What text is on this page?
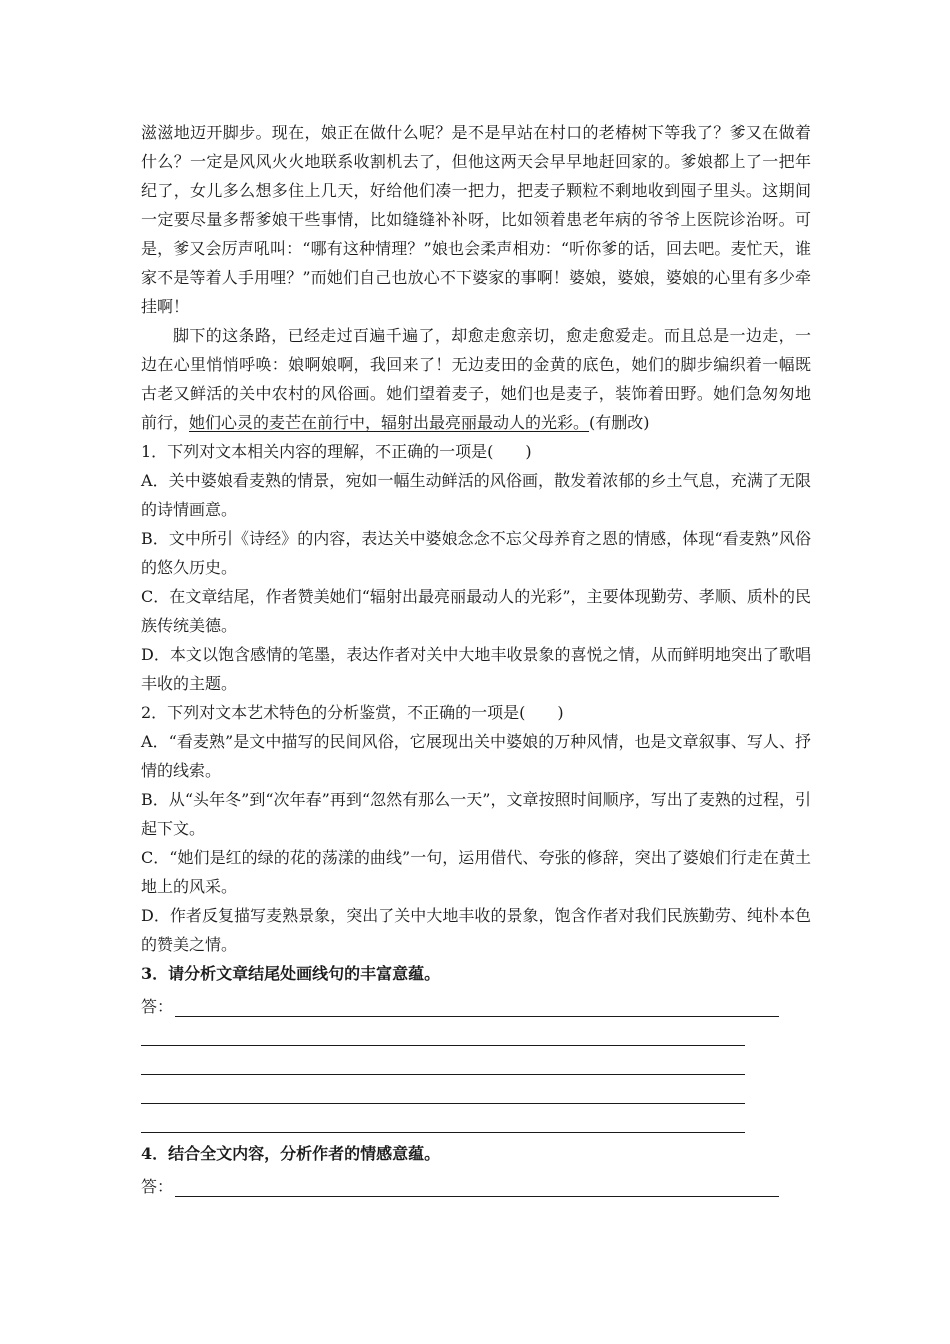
滋滋地迈开脚步。现在，娘正在做什么呢？是不是早站在村口的老椿树下等我了？爹又在做着什么？一定是风风火火地联系收割机去了，但他这两天会早早地赶回家的。爹娘都上了一把年纪了，女儿多么想多住上几天，好给他们凑一把力，把麦子颗粒不剩地收到囤子里头。这期间一定要尽量多帮爹娘干些事情，比如缝缝补补呀，比如领着患老年病的爷爷上医院诊治呀。可是，爹又会厉声吼叫：“哪有这种情理？”娘也会柔声相劝：“听你爹的话，回去吧。麦忙天，谁家不是等着人手用哩？”而她们自己也放心不下婆家的事啊！婆娘，婆娘，婆娘的心里有多少牵挂啊！

脚下的这条路，已经走过百遍千遍了，却愈走愈亲切，愈走愈爱走。而且总是一边走，一边在心里悄悄呼唤：娘啊娘啊，我回来了！无边麦田的金黄的底色，她们的脚步编织着一幅既古老又鲜活的关中农村的风俗画。她们望着麦子，她们也是麦子，装饰着田野。她们急匆匆地前行，她们心灵的麦芒在前行中，辐射出最亮丽最动人的光彩。(有删改)

1．下列对文本相关内容的理解，不正确的一项是(　　)

A．关中婆娘看麦熟的情景，宛如一幅生动鲜活的风俗画，散发着浓郁的乡土气息，充满了无限的诗情画意。

B．文中所引《诗经》的内容，表达关中婆娘念念不忘父母养育之恩的情感，体现“看麦熟”风俗的悠久历史。

C．在文章结尾，作者赞美她们“辐射出最亮丽最动人的光彩”，主要体现勤劳、孝顺、质朴的民族传统美德。

D．本文以饱含感情的笔墨，表达作者对关中大地丰收景象的喜悦之情，从而鲜明地突出了歌唱丰收的主题。

2．下列对文本艺术特色的分析鉴赏，不正确的一项是(　　)

A．“看麦熟”是文中描写的民间风俗，它展现出关中婆娘的万种风情，也是文章叙事、写人、抒情的线索。

B．从“头年冬”到“次年春”再到“忽然有那么一天”，文章按照时间顺序，写出了麦熟的过程，引起下文。

C．“她们是红的绿的花的荡漾的曲线”一句，运用借代、夸张的修辞，突出了婆娘们行走在黄土地上的风采。

D．作者反复描写麦熟景象，突出了关中大地丰收的景象，饱含作者对我们民族勤劳、纯朴本色的赞美之情。

3．请分析文章结尾处画线句的丰富意蕴。

答：

4．结合全文内容，分析作者的情感意蕴。

答：
